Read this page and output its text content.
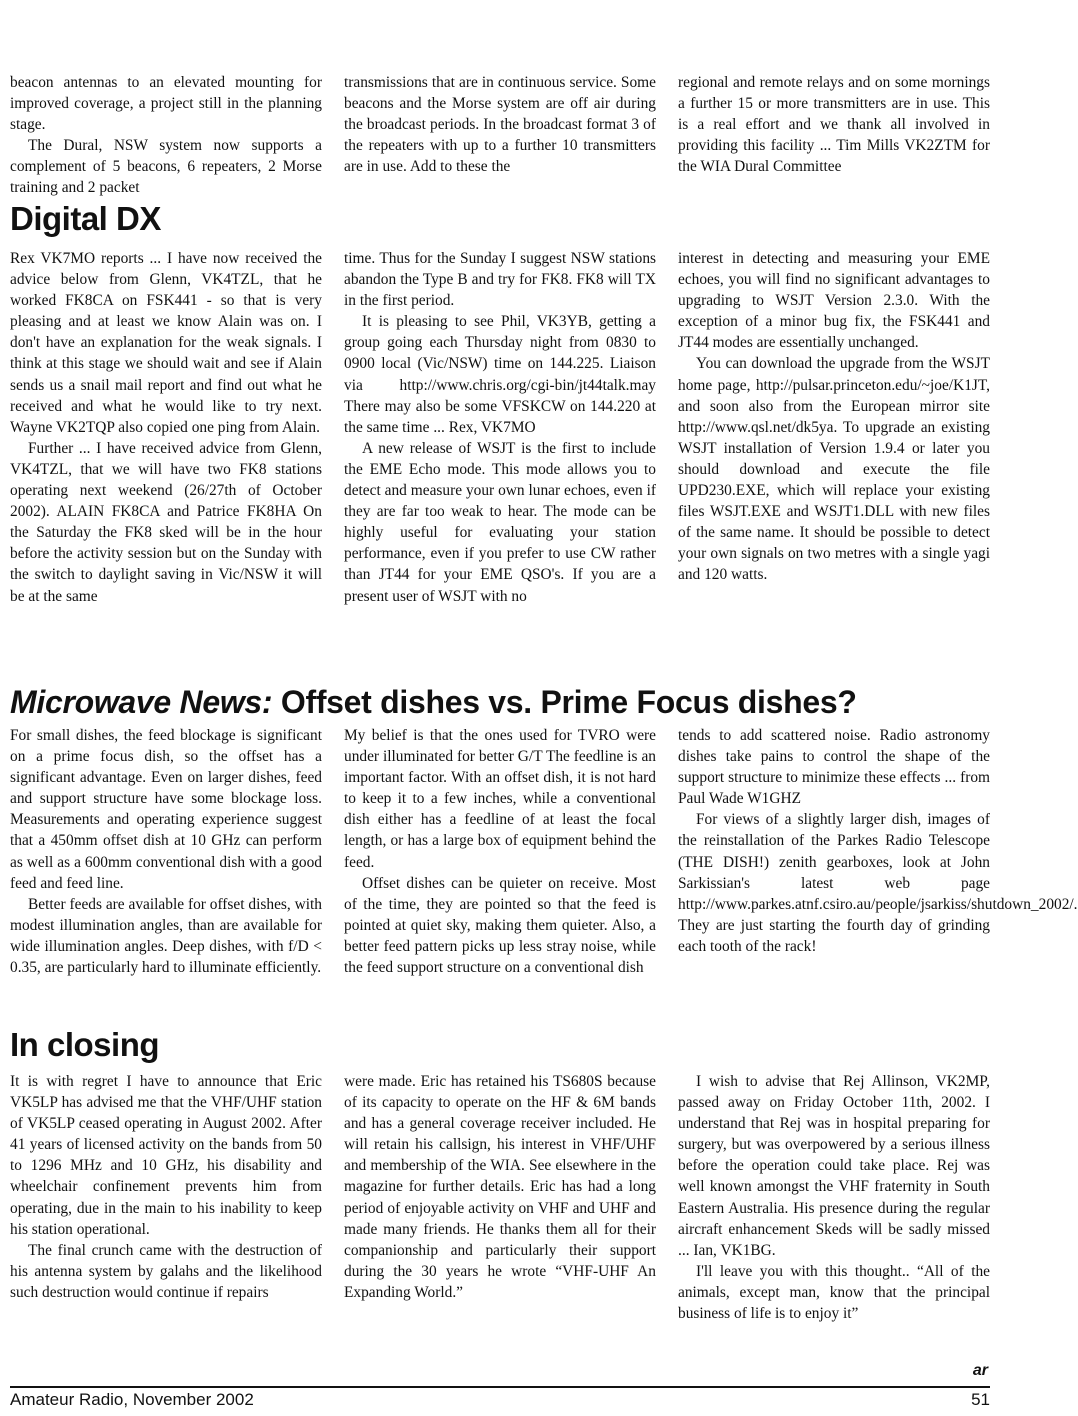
beacon antennas to an elevated mounting for improved coverage, a project still in the planning stage.

The Dural, NSW system now supports a complement of 5 beacons, 6 repeaters, 2 Morse training and 2 packet

transmissions that are in continuous service. Some beacons and the Morse system are off air during the broadcast periods. In the broadcast format 3 of the repeaters with up to a further 10 transmitters are in use. Add to these the

regional and remote relays and on some mornings a further 15 or more transmitters are in use. This is a real effort and we thank all involved in providing this facility ... Tim Mills VK2ZTM for the WIA Dural Committee

Digital DX

Rex VK7MO reports ... I have now received the advice below from Glenn, VK4TZL, that he worked FK8CA on FSK441 - so that is very pleasing and at least we know Alain was on. I don't have an explanation for the weak signals. I think at this stage we should wait and see if Alain sends us a snail mail report and find out what he received and what he would like to try next. Wayne VK2TQP also copied one ping from Alain.

Further ... I have received advice from Glenn, VK4TZL, that we will have two FK8 stations operating next weekend (26/27th of October 2002). ALAIN FK8CA and Patrice FK8HA On the Saturday the FK8 sked will be in the hour before the activity session but on the Sunday with the switch to daylight saving in Vic/NSW it will be at the same

time. Thus for the Sunday I suggest NSW stations abandon the Type B and try for FK8. FK8 will TX in the first period.

It is pleasing to see Phil, VK3YB, getting a group going each Thursday night from 0830 to 0900 local (Vic/NSW) time on 144.225. Liaison via http://www.chris.org/cgi-bin/jt44talk.may There may also be some VFSKCW on 144.220 at the same time ... Rex, VK7MO

A new release of WSJT is the first to include the EME Echo mode. This mode allows you to detect and measure your own lunar echoes, even if they are far too weak to hear. The mode can be highly useful for evaluating your station performance, even if you prefer to use CW rather than JT44 for your EME QSO's. If you are a present user of WSJT with no

interest in detecting and measuring your EME echoes, you will find no significant advantages to upgrading to WSJT Version 2.3.0. With the exception of a minor bug fix, the FSK441 and JT44 modes are essentially unchanged.

You can download the upgrade from the WSJT home page, http://pulsar.princeton.edu/~joe/K1JT, and soon also from the European mirror site http://www.qsl.net/dk5ya. To upgrade an existing WSJT installation of Version 1.9.4 or later you should download and execute the file UPD230.EXE, which will replace your existing files WSJT.EXE and WSJT1.DLL with new files of the same name. It should be possible to detect your own signals on two metres with a single yagi and 120 watts.

Microwave News: Offset dishes vs. Prime Focus dishes?

For small dishes, the feed blockage is significant on a prime focus dish, so the offset has a significant advantage. Even on larger dishes, feed and support structure have some blockage loss. Measurements and operating experience suggest that a 450mm offset dish at 10 GHz can perform as well as a 600mm conventional dish with a good feed and feed line.

Better feeds are available for offset dishes, with modest illumination angles, than are available for wide illumination angles. Deep dishes, with f/D < 0.35, are particularly hard to illuminate efficiently.

My belief is that the ones used for TVRO were under illuminated for better G/T The feedline is an important factor. With an offset dish, it is not hard to keep it to a few inches, while a conventional dish either has a feedline of at least the focal length, or has a large box of equipment behind the feed.

Offset dishes can be quieter on receive. Most of the time, they are pointed so that the feed is pointed at quiet sky, making them quieter. Also, a better feed pattern picks up less stray noise, while the feed support structure on a conventional dish

tends to add scattered noise. Radio astronomy dishes take pains to control the shape of the support structure to minimize these effects ... from Paul Wade W1GHZ

For views of a slightly larger dish, images of the reinstallation of the Parkes Radio Telescope (THE DISH!) zenith gearboxes, look at John Sarkissian's latest web page http://www.parkes.atnf.csiro.au/people/jsarkiss/shutdown_2002/. They are just starting the fourth day of grinding each tooth of the rack!

In closing

It is with regret I have to announce that Eric VK5LP has advised me that the VHF/UHF station of VK5LP ceased operating in August 2002. After 41 years of licensed activity on the bands from 50 to 1296 MHz and 10 GHz, his disability and wheelchair confinement prevents him from operating, due in the main to his inability to keep his station operational.

The final crunch came with the destruction of his antenna system by galahs and the likelihood such destruction would continue if repairs

were made. Eric has retained his TS680S because of its capacity to operate on the HF & 6M bands and has a general coverage receiver included. He will retain his callsign, his interest in VHF/UHF and membership of the WIA. See elsewhere in the magazine for further details. Eric has had a long period of enjoyable activity on VHF and UHF and made many friends. He thanks them all for their companionship and particularly their support during the 30 years he wrote “VHF-UHF An Expanding World.”

I wish to advise that Rej Allinson, VK2MP, passed away on Friday October 11th, 2002. I understand that Rej was in hospital preparing for surgery, but was overpowered by a serious illness before the operation could take place. Rej was well known amongst the VHF fraternity in South Eastern Australia. His presence during the regular aircraft enhancement Skeds will be sadly missed ... Ian, VK1BG.

I'll leave you with this thought.. “All of the animals, except man, know that the principal business of life is to enjoy it”

ar
Amateur Radio, November 2002	51
